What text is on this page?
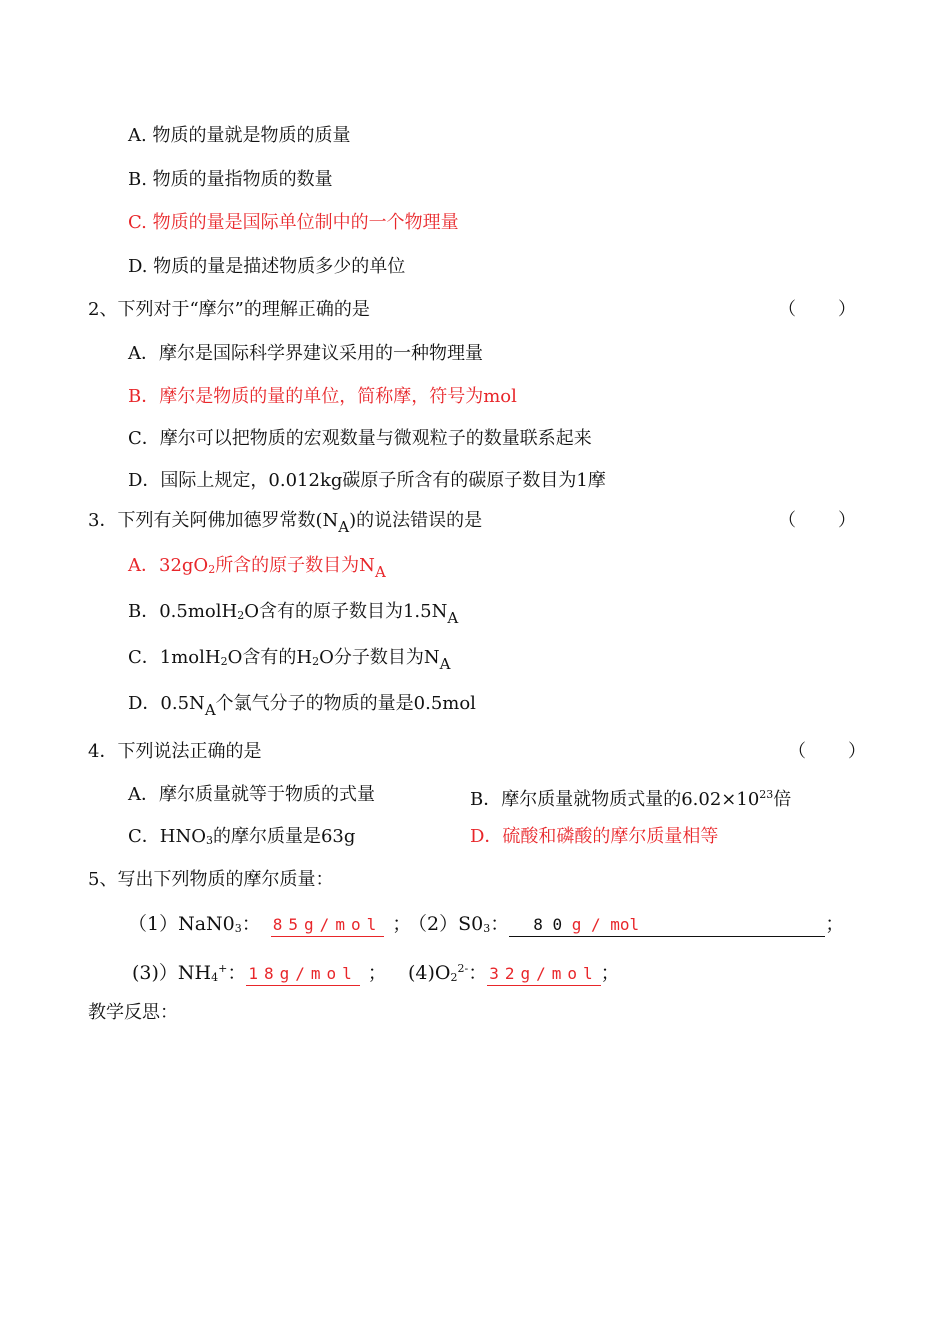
A. 物质的量就是物质的质量
B. 物质的量指物质的数量
C. 物质的量是国际单位制中的一个物理量
D. 物质的量是描述物质多少的单位
2、下列对于“摩尔”的理解正确的是	（　　）
A．摩尔是国际科学界建议采用的一种物理量
B．摩尔是物质的量的单位，简称摩，符号为mol
C．摩尔可以把物质的宏观数量与微观粒子的数量联系起来
D．国际上规定，0.012kg碳原子所含有的碳原子数目为1摩
3．下列有关阿佛加德罗常数$(N_A)$的说法错误的是	（　　）
A．$32gO_2$所含的原子数目为$N_A$
B．0.5molH$_2$O含有的原子数目为$1.5N_A$
C．1molH$_2$O含有的$H_2O$分子数目为$N_A$
D．$0.5N_A$个氯气分子的物质的量是0.5mol
4．下列说法正确的是	（　　）
A．摩尔质量就等于物质的式量	B．摩尔质量就物质式量的$6.02\times 10^{23}$倍
C．$HNO_3$的摩尔质量是63g	D．硫酸和磷酸的摩尔质量相等
5、写出下列物质的摩尔质量：
$(1)NaN0_3$： 85g/mol ；
$(2)S0_3$： 8 0 g / mol	；
$(3))NH_4^+$： 18g/mol ； $(4)O_2^{2-}$： 32g/mol ；
教学反思：
